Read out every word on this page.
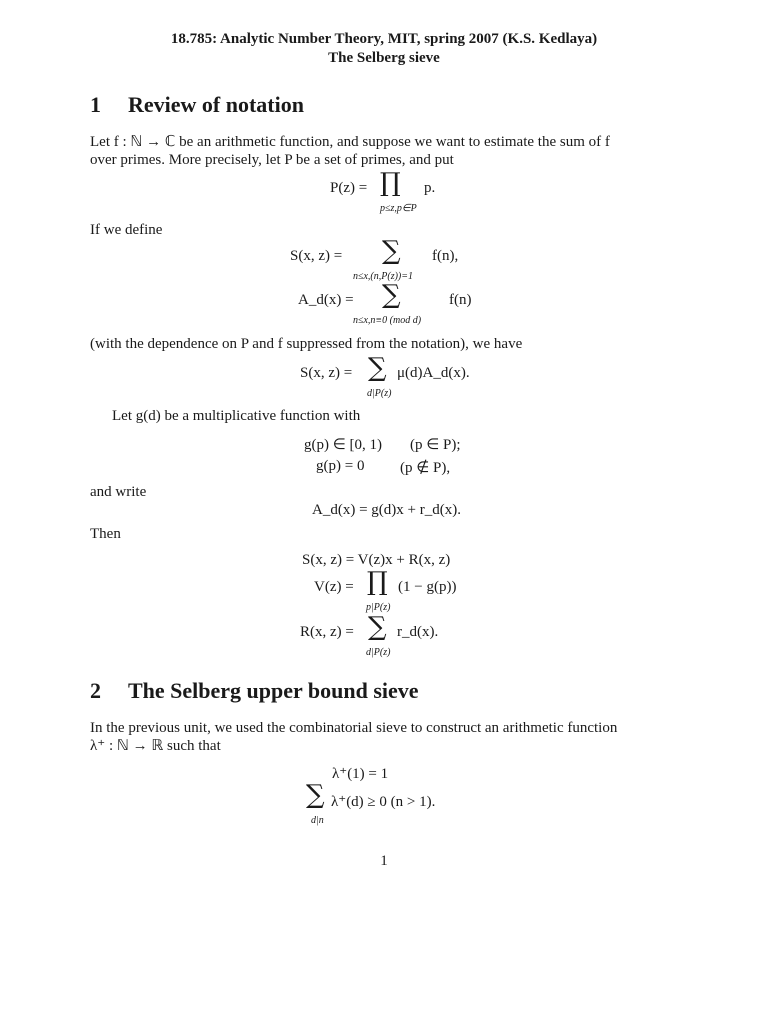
18.785: Analytic Number Theory, MIT, spring 2007 (K.S. Kedlaya)
The Selberg sieve
1 Review of notation
Let f : ℕ → ℂ be an arithmetic function, and suppose we want to estimate the sum of f
over primes. More precisely, let P be a set of primes, and put
P(z) = ∏ p.
p≤z,p∈P
If we define
S(x, z) = ∑ f(n),
n≤x,(n,P(z))=1
A_d(x) = ∑	f(n)
n≤x,n≡0 (mod d)
(with the dependence on P and f suppressed from the notation), we have
S(x, z) = ∑ μ(d)A_d(x).
d|P(z)
Let g(d) be a multiplicative function with
g(p) ∈ [0, 1) (p ∈ P);
g(p) = 0 (p ∉ P),
and write
A_d(x) = g(d)x + r_d(x).
Then
S(x, z) = V(z)x + R(x, z)
V(z) = ∏ (1 − g(p))
p|P(z)
R(x, z) = ∑ r_d(x).
d|P(z)
2 The Selberg upper bound sieve
In the previous unit, we used the combinatorial sieve to construct an arithmetic function
λ⁺ : ℕ → ℝ such that
λ⁺(1) = 1
∑ λ⁺(d) ≥ 0 (n > 1).
d|n
1
